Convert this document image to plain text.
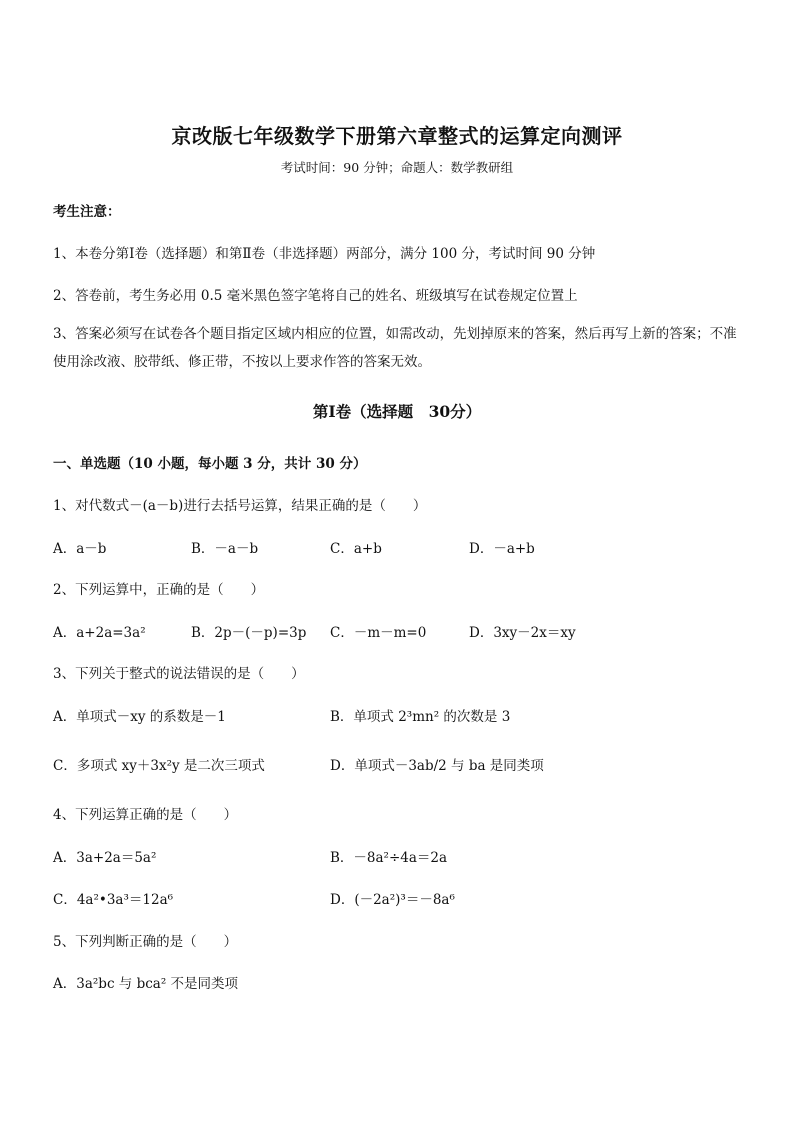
京改版七年级数学下册第六章整式的运算定向测评
考试时间：90 分钟；命题人：数学教研组
考生注意：
1、本卷分第Ⅰ卷（选择题）和第Ⅱ卷（非选择题）两部分，满分 100 分，考试时间 90 分钟
2、答卷前，考生务必用 0.5 毫米黑色签字笔将自己的姓名、班级填写在试卷规定位置上
3、答案必须写在试卷各个题目指定区域内相应的位置，如需改动，先划掉原来的答案，然后再写上新的答案；不准使用涂改液、胶带纸、修正带，不按以上要求作答的答案无效。
第Ⅰ卷（选择题　30分）
一、单选题（10 小题，每小题 3 分，共计 30 分）
1、对代数式－(a－b)进行去括号运算，结果正确的是（　　）
A．a－b	B．－a－b	C．a+b	D．－a+b
2、下列运算中，正确的是（　　）
A．a+2a=3a²	B．2p－(－p)=3p C．－m－m=0	D．3xy－2x＝xy
3、下列关于整式的说法错误的是（　　）
A．单项式－xy 的系数是－1	B．单项式 2³mn² 的次数是 3
C．多项式 xy＋3x²y 是二次三项式	D．单项式－3ab/2 与 ba 是同类项
4、下列运算正确的是（　　）
A．3a+2a＝5a²	B．－8a²÷4a＝2a
C．4a²•3a³＝12a⁶	D．(－2a²)³＝－8a⁶
5、下列判断正确的是（　　）
A．3a²bc 与 bca² 不是同类项
